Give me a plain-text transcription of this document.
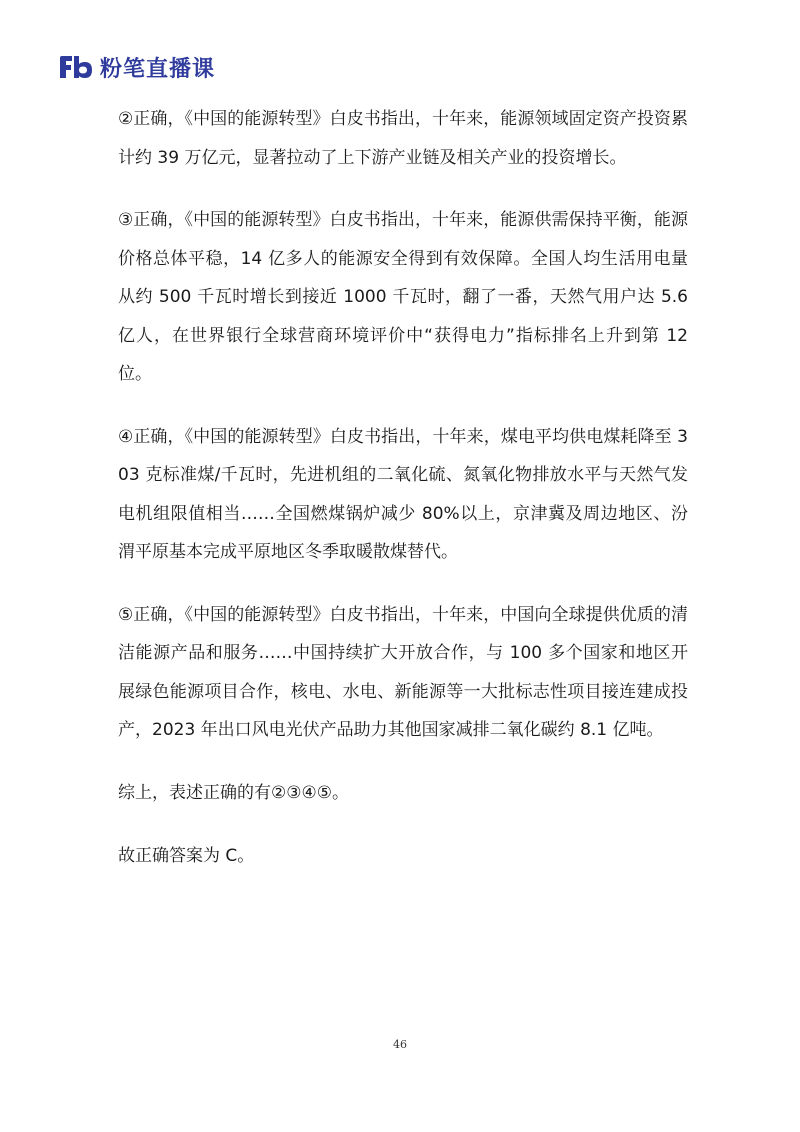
粉笔直播课

②正确，《中国的能源转型》白皮书指出，十年来，能源领域固定资产投资累计约 39 万亿元，显著拉动了上下游产业链及相关产业的投资增长。

③正确，《中国的能源转型》白皮书指出，十年来，能源供需保持平衡，能源价格总体平稳，14 亿多人的能源安全得到有效保障。全国人均生活用电量从约 500 千瓦时增长到接近 1000 千瓦时，翻了一番，天然气用户达 5.6 亿人，在世界银行全球营商环境评价中“获得电力”指标排名上升到第 12 位。

④正确，《中国的能源转型》白皮书指出，十年来，煤电平均供电煤耗降至 303 克标准煤/千瓦时，先进机组的二氧化硫、氮氧化物排放水平与天然气发电机组限值相当……全国燃煤锅炉减少 80%以上，京津冀及周边地区、汾渭平原基本完成平原地区冬季取暖散煤替代。

⑤正确，《中国的能源转型》白皮书指出，十年来，中国向全球提供优质的清洁能源产品和服务……中国持续扩大开放合作，与 100 多个国家和地区开展绿色能源项目合作，核电、水电、新能源等一大批标志性项目接连建成投产，2023 年出口风电光伏产品助力其他国家减排二氧化碳约 8.1 亿吨。

综上，表述正确的有②③④⑤。

故正确答案为 C。

46
